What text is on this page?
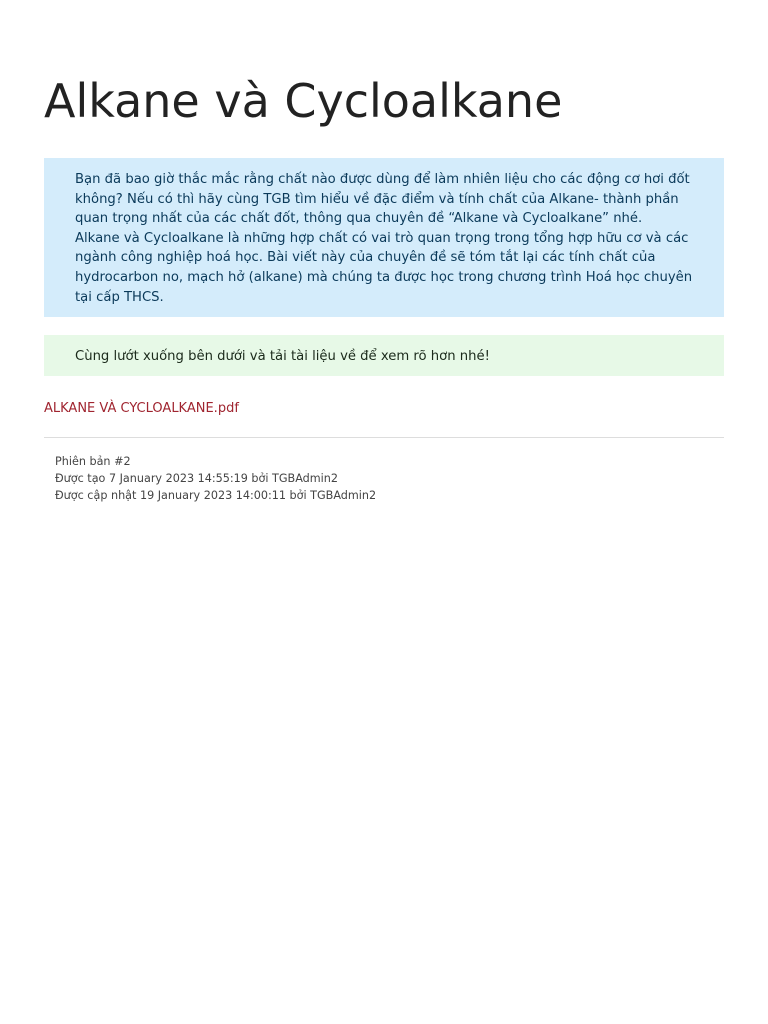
Alkane và Cycloalkane

Bạn đã bao giờ thắc mắc rằng chất nào được dùng để làm nhiên liệu cho các động cơ hơi đốt không? Nếu có thì hãy cùng TGB tìm hiểu về đặc điểm và tính chất của Alkane- thành phần quan trọng nhất của các chất đốt, thông qua chuyên đề “Alkane và Cycloalkane” nhé.

Alkane và Cycloalkane là những hợp chất có vai trò quan trọng trong tổng hợp hữu cơ và các ngành công nghiệp hoá học. Bài viết này của chuyên đề sẽ tóm tắt lại các tính chất của hydrocarbon no, mạch hở (alkane) mà chúng ta được học trong chương trình Hoá học chuyên tại cấp THCS.

Cùng lướt xuống bên dưới và tải tài liệu về để xem rõ hơn nhé!

ALKANE VÀ CYCLOALKANE.pdf
Phiên bản #2
Được tạo 7 January 2023 14:55:19 bởi TGBAdmin2
Được cập nhật 19 January 2023 14:00:11 bởi TGBAdmin2
